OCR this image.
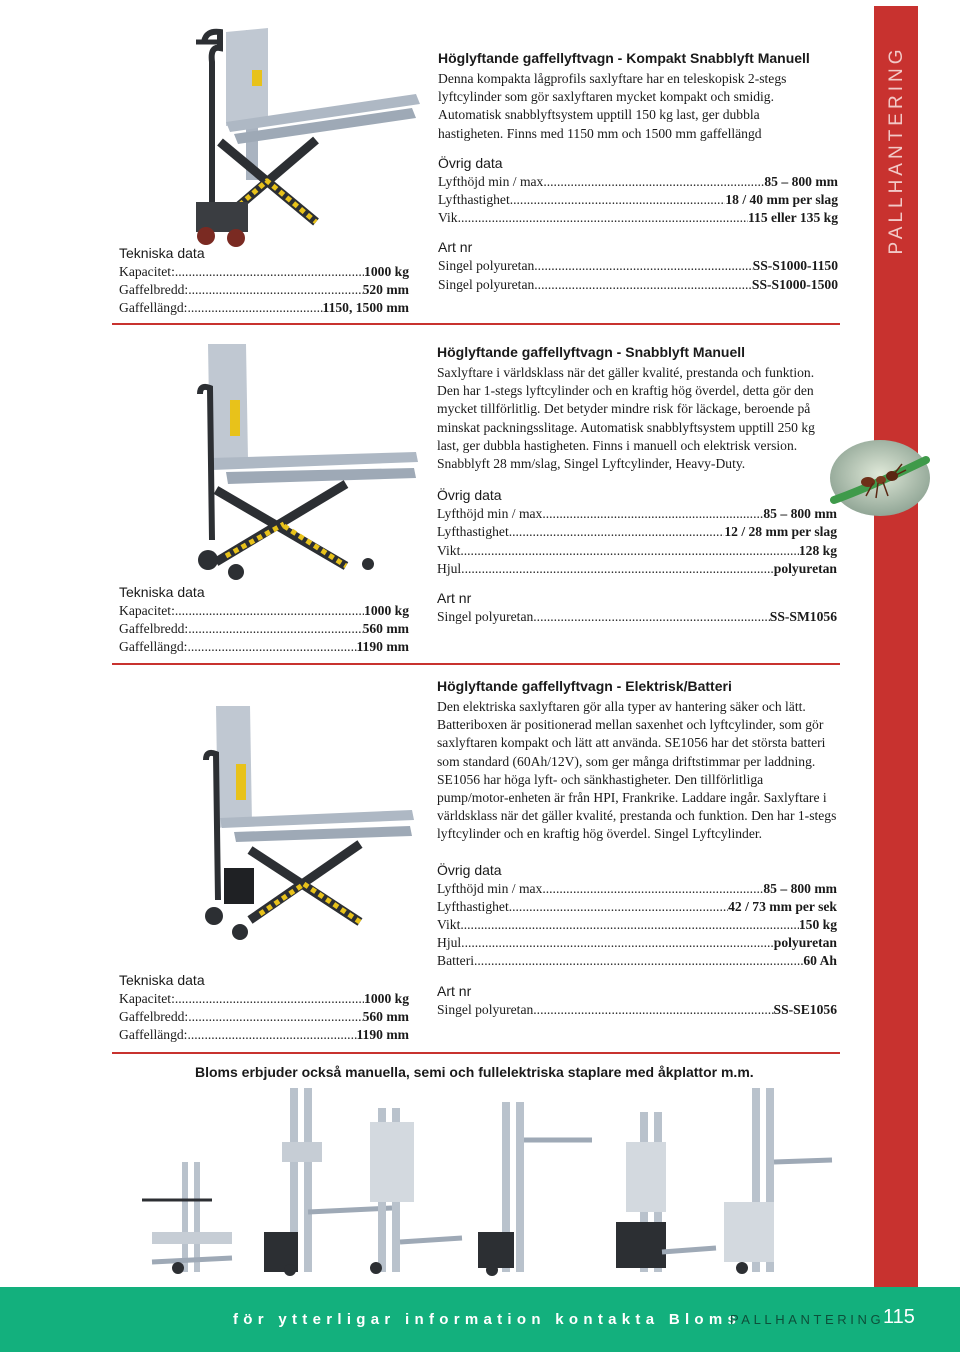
PALLHANTERING
Tekniska data
Kapacitet: .....	1000 kg
Gaffelbredd: .....	520 mm
Gaffellängd: .....	1150, 1500 mm
Höglyftande gaffellyftvagn - Kompakt Snabblyft Manuell

Denna kompakta lågprofils saxlyftare har en teleskopisk 2-stegs lyftcylinder som gör saxlyftaren mycket kompakt och smidig. Automatisk snabblyftsystem upptill 150 kg last, ger dubbla hastigheten. Finns med 1150 mm och 1500 mm gaffellängd

Övrig data
Lyfthöjd min / max .....	85 – 800 mm
Lyfthastighet .....	18 / 40 mm per slag
Vik .....	115 eller 135 kg
Art nr
Singel polyuretan .....	SS-S1000-1150
Singel polyuretan .....	SS-S1000-1500
Höglyftande gaffellyftvagn - Snabblyft Manuell

Saxlyftare i världsklass när det gäller kvalité, prestanda och funktion. Den har 1-stegs lyftcylinder och en kraftig hög överdel, detta gör den mycket tillförlitlig. Det betyder mindre risk för läckage, beroende på minskat packningsslitage. Automatisk snabblyftsystem upptill 250 kg last, ger dubbla hastigheten. Finns i manuell och elektrisk version.

Snabblyft 28 mm/slag, Singel Lyftcylinder, Heavy-Duty.

Övrig data
Lyfthöjd min / max .....	85 – 800 mm
Lyfthastighet .....	12 / 28 mm per slag
Vikt .....	128 kg
Hjul .....	polyuretan
Art nr
Singel polyuretan .....	SS-SM1056
Tekniska data
Kapacitet: .....	1000 kg
Gaffelbredd: .....	560 mm
Gaffellängd: .....	1190 mm
Höglyftande gaffellyftvagn - Elektrisk/Batteri

Den elektriska saxlyftaren gör alla typer av hantering säker och lätt. Batteriboxen är positionerad mellan saxenhet och lyftcylinder, som gör saxlyftaren kompakt och lätt att använda. SE1056 har det största batteri som standard (60Ah/12V), som ger många driftstimmar per laddning. SE1056 har höga lyft- och sänkhastigheter. Den tillförlitliga pump/motor-enheten är från HPI, Frankrike. Laddare ingår. Saxlyftare i världsklass när det gäller kvalité, prestanda och funktion. Den har 1-stegs lyftcylinder och en kraftig hög överdel. Singel Lyftcylinder.

Övrig data
Lyfthöjd min / max .....	85 – 800 mm
Lyfthastighet .....	42 / 73 mm per sek
Vikt .....	150 kg
Hjul .....	polyuretan
Batteri .....	60 Ah
Art nr
Singel polyuretan .....	SS-SE1056
Tekniska data
Kapacitet: .....	1000 kg
Gaffelbredd: .....	560 mm
Gaffellängd: .....	1190 mm
Bloms erbjuder också manuella, semi och fullelektriska staplare med åkplattor m.m.
för ytterligar information kontakta Bloms
PALLHANTERING
115
